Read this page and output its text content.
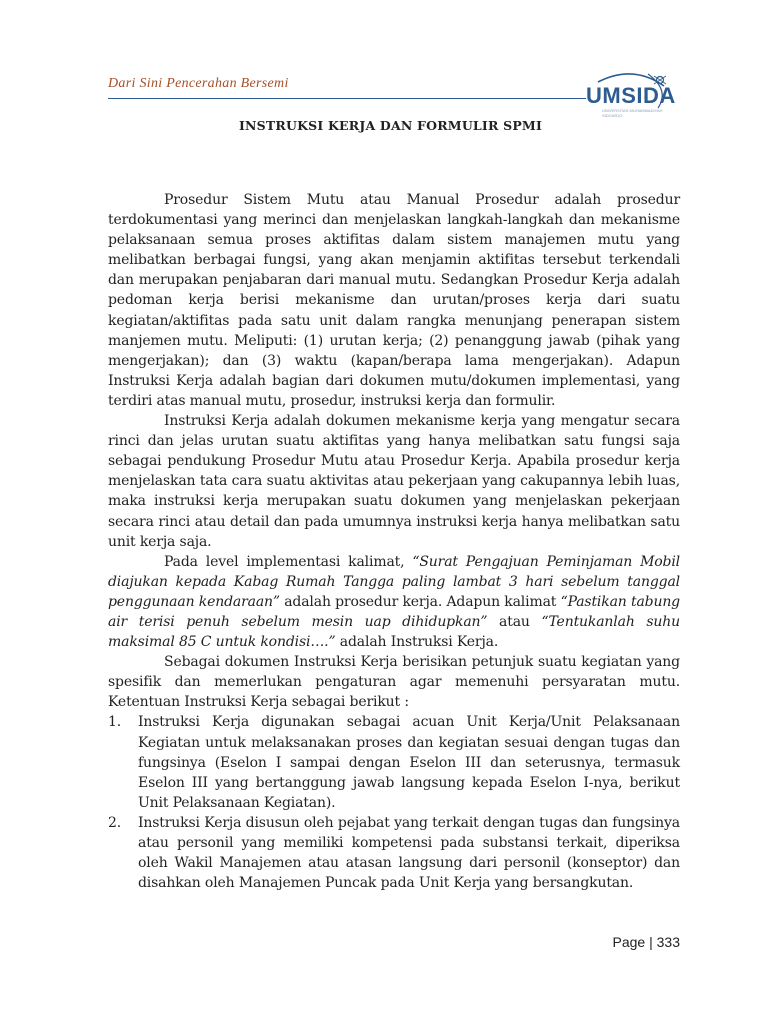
Dari Sini Pencerahan Bersemi	UMSIDA
UNIVERSITAS MUHAMMADIYAH SIDOARJO
INSTRUKSI KERJA DAN FORMULIR SPMI

Prosedur Sistem Mutu atau Manual Prosedur adalah prosedur terdokumentasi yang merinci dan menjelaskan langkah-langkah dan mekanisme pelaksanaan semua proses aktifitas dalam sistem manajemen mutu yang melibatkan berbagai fungsi, yang akan menjamin aktifitas tersebut terkendali dan merupakan penjabaran dari manual mutu. Sedangkan Prosedur Kerja adalah pedoman kerja berisi mekanisme dan urutan/proses kerja dari suatu kegiatan/aktifitas pada satu unit dalam rangka menunjang penerapan sistem manjemen mutu. Meliputi: (1) urutan kerja; (2) penanggung jawab (pihak yang mengerjakan); dan (3) waktu (kapan/berapa lama mengerjakan). Adapun Instruksi Kerja adalah bagian dari dokumen mutu/dokumen implementasi, yang terdiri atas manual mutu, prosedur, instruksi kerja dan formulir.

Instruksi Kerja adalah dokumen mekanisme kerja yang mengatur secara rinci dan jelas urutan suatu aktifitas yang hanya melibatkan satu fungsi saja sebagai pendukung Prosedur Mutu atau Prosedur Kerja. Apabila prosedur kerja menjelaskan tata cara suatu aktivitas atau pekerjaan yang cakupannya lebih luas, maka instruksi kerja merupakan suatu dokumen yang menjelaskan pekerjaan secara rinci atau detail dan pada umumnya instruksi kerja hanya melibatkan satu unit kerja saja.

Pada level implementasi kalimat, “Surat Pengajuan Peminjaman Mobil diajukan kepada Kabag Rumah Tangga paling lambat 3 hari sebelum tanggal penggunaan kendaraan” adalah prosedur kerja. Adapun kalimat “Pastikan tabung air terisi penuh sebelum mesin uap dihidupkan” atau “Tentukanlah suhu maksimal 85 C untuk kondisi….” adalah Instruksi Kerja.

Sebagai dokumen Instruksi Kerja berisikan petunjuk suatu kegiatan yang spesifik dan memerlukan pengaturan agar memenuhi persyaratan mutu. Ketentuan Instruksi Kerja sebagai berikut :

1. Instruksi Kerja digunakan sebagai acuan Unit Kerja/Unit Pelaksanaan Kegiatan untuk melaksanakan proses dan kegiatan sesuai dengan tugas dan fungsinya (Eselon I sampai dengan Eselon III dan seterusnya, termasuk Eselon III yang bertanggung jawab langsung kepada Eselon I-nya, berikut Unit Pelaksanaan Kegiatan).
2. Instruksi Kerja disusun oleh pejabat yang terkait dengan tugas dan fungsinya atau personil yang memiliki kompetensi pada substansi terkait, diperiksa oleh Wakil Manajemen atau atasan langsung dari personil (konseptor) dan disahkan oleh Manajemen Puncak pada Unit Kerja yang bersangkutan.
Page | 333
